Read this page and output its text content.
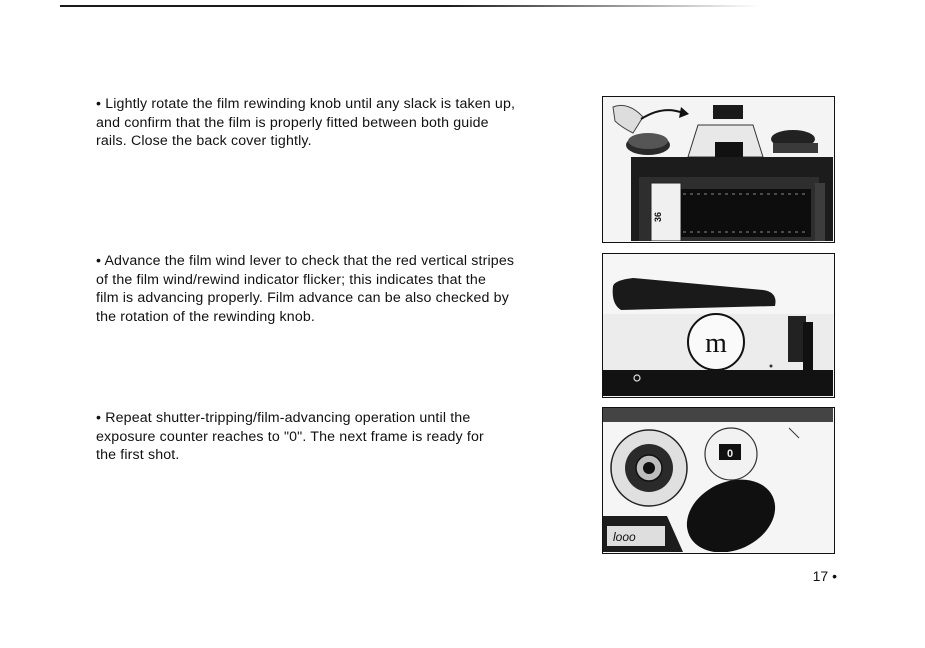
• Lightly rotate the film rewinding knob until any slack is taken up,
and confirm that the film is properly fitted between both guide
rails. Close the back cover tightly.

• Advance the film wind lever to check that the red vertical stripes
of the film wind/rewind indicator flicker; this indicates that the
film is advancing properly. Film advance can be also checked by
the rotation of the rewinding knob.

• Repeat shutter-tripping/film-advancing operation until the
exposure counter reaches to "0". The next frame is ready for
the first shot.

36
m
0
looo
17 •
